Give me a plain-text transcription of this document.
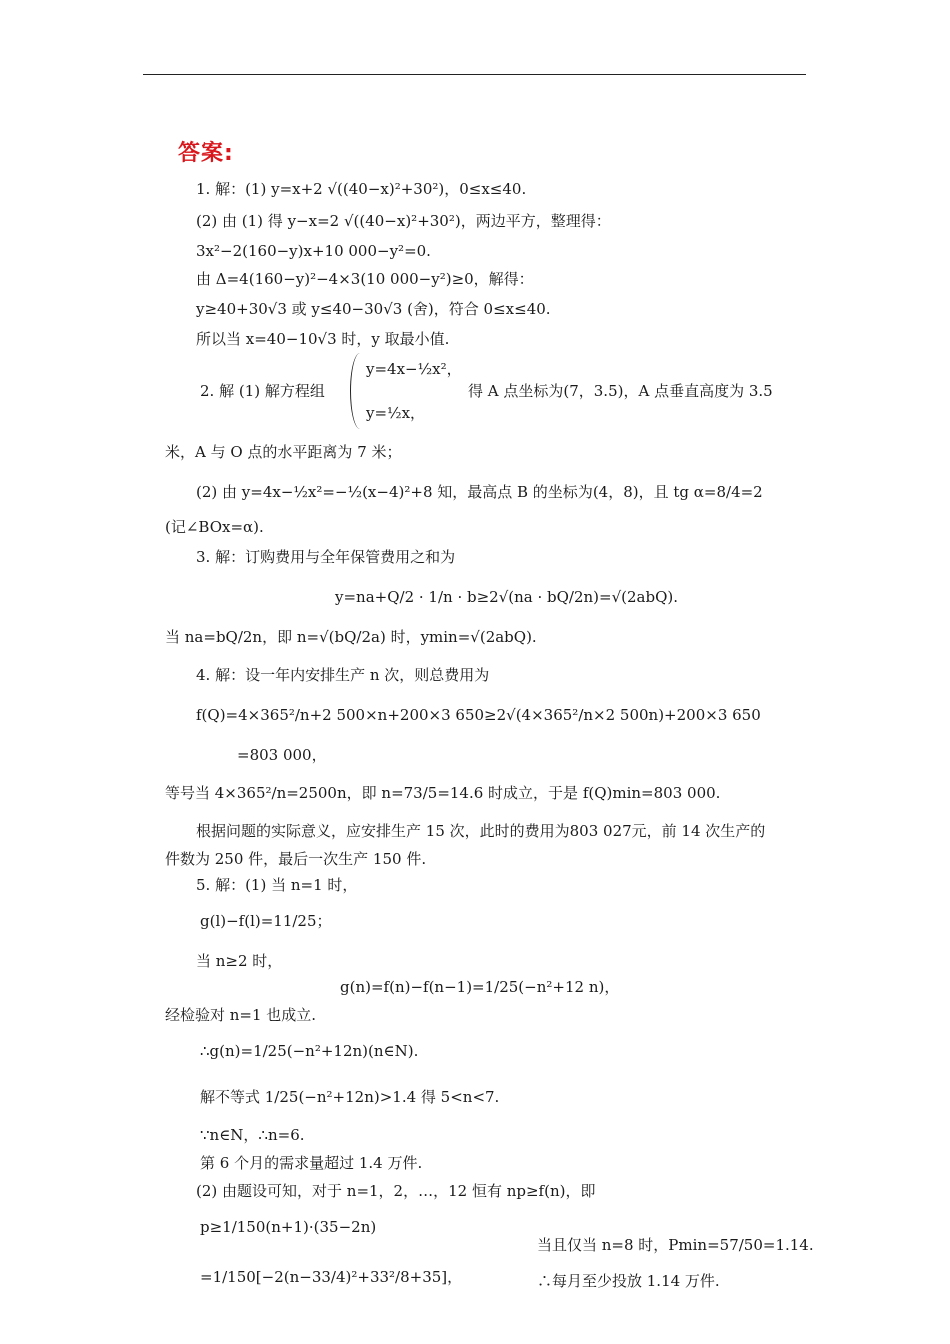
答案:
1. 解：(1) y=x+2 √((40−x)²+30²)，0≤x≤40.
(2) 由 (1) 得 y−x=2 √((40−x)²+30²)，两边平方，整理得：
3x²−2(160−y)x+10 000−y²=0.
由 Δ=4(160−y)²−4×3(10 000−y²)≥0，解得：
y≥40+30√3 或 y≤40−30√3 (舍)，符合 0≤x≤40.
所以当 x=40−10√3 时，y 取最小值.
2. 解 (1) 解方程组
y=4x−½x²，
y=½x，
得 A 点坐标为(7，3.5)，A 点垂直高度为 3.5
米，A 与 O 点的水平距离为 7 米；
(2) 由 y=4x−½x²=−½(x−4)²+8 知，最高点 B 的坐标为(4，8)，且 tg α=8/4=2
(记∠BOx=α).
3. 解：订购费用与全年保管费用之和为
y=na+Q/2 · 1/n · b≥2√(na · bQ/2n)=√(2abQ).
当 na=bQ/2n，即 n=√(bQ/2a) 时，ymin=√(2abQ).
4. 解：设一年内安排生产 n 次，则总费用为
f(Q)=4×365²/n+2 500×n+200×3 650≥2√(4×365²/n×2 500n)+200×3 650
=803 000，
等号当 4×365²/n=2500n，即 n=73/5=14.6 时成立，于是 f(Q)min=803 000.
根据问题的实际意义，应安排生产 15 次，此时的费用为803 027元，前 14 次生产的
件数为 250 件，最后一次生产 150 件.
5. 解：(1) 当 n=1 时，
g(l)−f(l)=11/25；
当 n≥2 时，
g(n)=f(n)−f(n−1)=1/25(−n²+12 n)，
经检验对 n=1 也成立.
∴g(n)=1/25(−n²+12n)(n∈N).
解不等式 1/25(−n²+12n)>1.4 得 5<n<7.
∵n∈N，∴n=6.
第 6 个月的需求量超过 1.4 万件.
(2) 由题设可知，对于 n=1，2，…，12 恒有 np≥f(n)，即
p≥1/150(n+1)·(35−2n)
=1/150[−2(n−33/4)²+33²/8+35]，
当且仅当 n=8 时，Pmin=57/50=1.14.
∴每月至少投放 1.14 万件.
